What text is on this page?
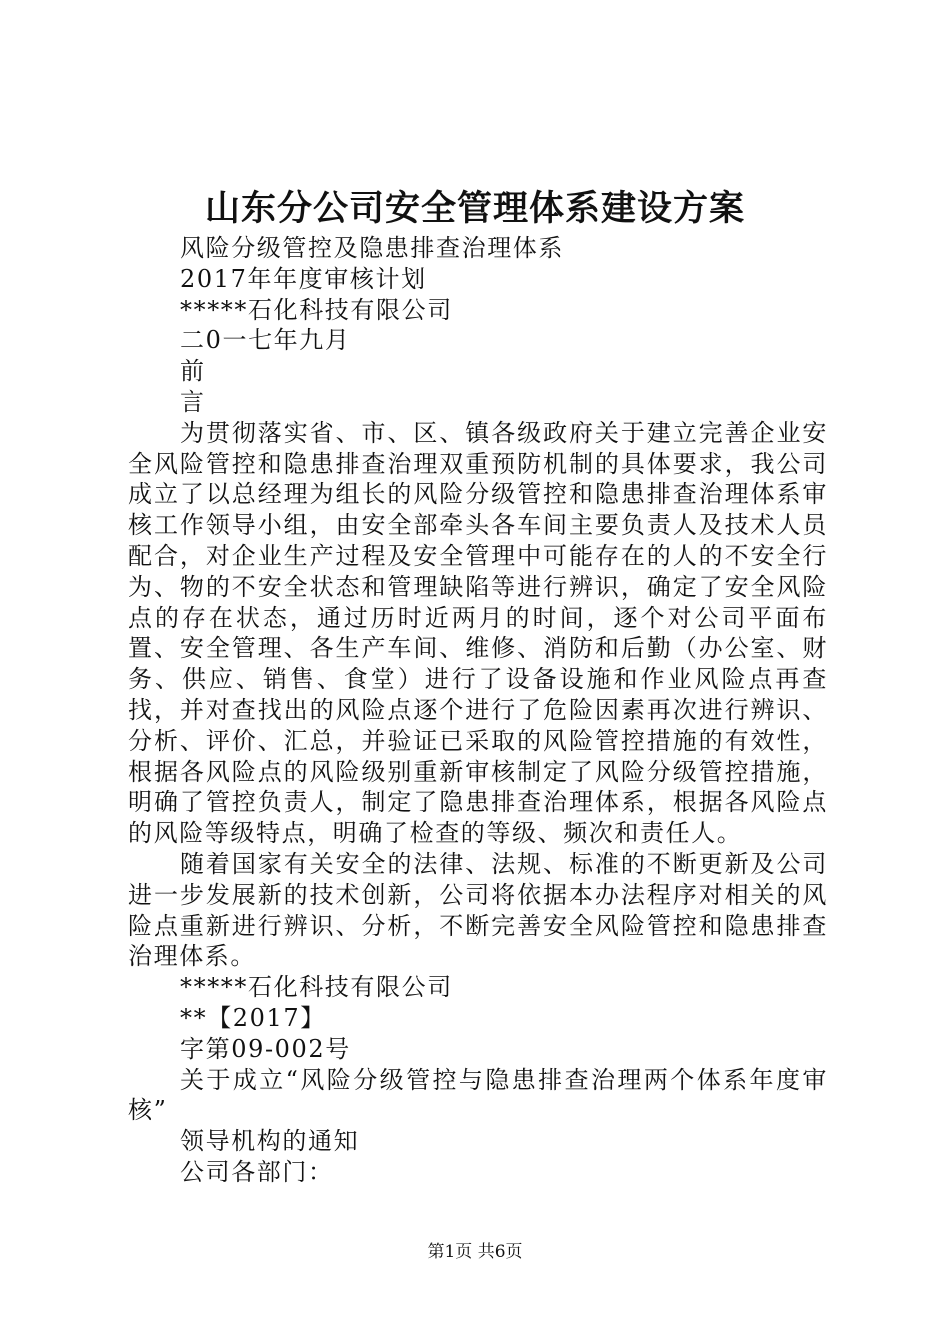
山东分公司安全管理体系建设方案

风险分级管控及隐患排查治理体系

2017年年度审核计划

*****石化科技有限公司

二0一七年九月

前

言

为贯彻落实省、市、区、镇各级政府关于建立完善企业安全风险管控和隐患排查治理双重预防机制的具体要求，我公司成立了以总经理为组长的风险分级管控和隐患排查治理体系审核工作领导小组，由安全部牵头各车间主要负责人及技术人员配合，对企业生产过程及安全管理中可能存在的人的不安全行为、物的不安全状态和管理缺陷等进行辨识，确定了安全风险点的存在状态，通过历时近两月的时间，逐个对公司平面布置、安全管理、各生产车间、维修、消防和后勤（办公室、财务、供应、销售、食堂）进行了设备设施和作业风险点再查找，并对查找出的风险点逐个进行了危险因素再次进行辨识、分析、评价、汇总，并验证已采取的风险管控措施的有效性，根据各风险点的风险级别重新审核制定了风险分级管控措施，明确了管控负责人，制定了隐患排查治理体系，根据各风险点的风险等级特点，明确了检查的等级、频次和责任人。

随着国家有关安全的法律、法规、标准的不断更新及公司进一步发展新的技术创新，公司将依据本办法程序对相关的风险点重新进行辨识、分析，不断完善安全风险管控和隐患排查治理体系。

*****石化科技有限公司

**【2017】

字第09-002号

关于成立“风险分级管控与隐患排查治理两个体系年度审核”

领导机构的通知

公司各部门：

第1页 共6页
